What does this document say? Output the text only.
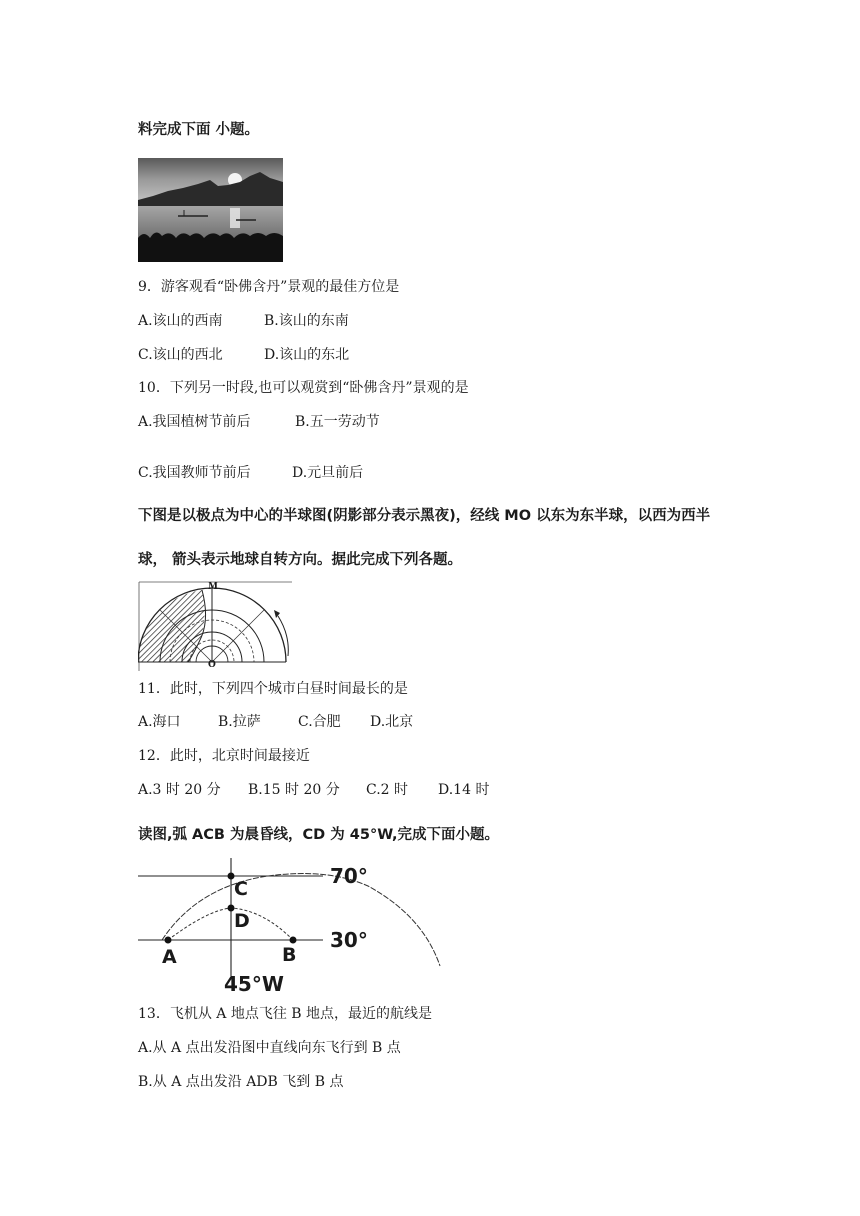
料完成下面 小题。
9．游客观看“卧佛含丹”景观的最佳方位是
A.该山的西南	B.该山的东南
C.该山的西北	D.该山的东北
10．下列另一时段,也可以观赏到“卧佛含丹”景观的是
A.我国植树节前后	B.五一劳动节
C.我国教师节前后	D.元旦前后
下图是以极点为中心的半球图(阴影部分表示黑夜)，经线 MO 以东为东半球，以西为西半
球， 箭头表示地球自转方向。据此完成下列各题。
M
O
11．此时，下列四个城市白昼时间最长的是
A.海口	B.拉萨	C.合肥 D.北京
12．此时，北京时间最接近
A.3 时 20 分 B.15 时 20 分 C.2 时 D.14 时
读图,弧 ACB 为晨昏线，CD 为 45°W,完成下面小题。
A	B
C
D
70°
30°
45°W
13．飞机从 A 地点飞往 B 地点，最近的航线是
A.从 A 点出发沿图中直线向东飞行到 B 点
B.从 A 点出发沿 ADB 飞到 B 点
